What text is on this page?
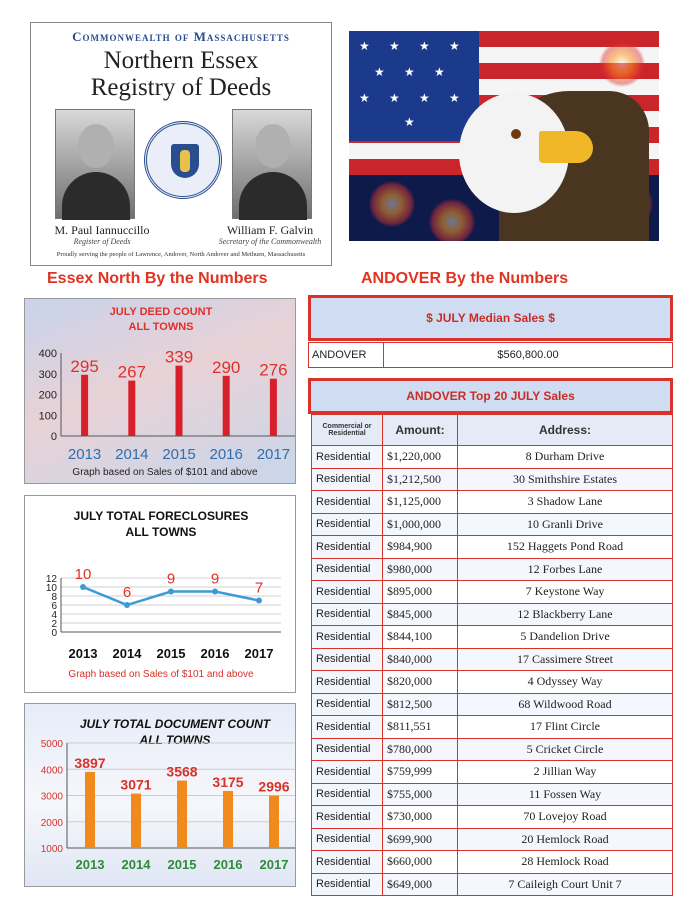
Commonwealth of Massachusetts
Northern Essex
Registry of Deeds
M. Paul Iannuccillo
Register of Deeds
William F. Galvin
Secretary of the Commonwealth
Proudly serving the people of Lawrence, Andover, North Andover and Methuen, Massachusetts
★ ★ ★ ★
★ ★ ★
★ ★ ★ ★
★
Essex North By the Numbers	ANDOVER By the Numbers
JULY DEED COUNT
ALL TOWNS
0
100
200
300
400
295 267
339
290 276
2013 2014 2015 2016 2017
Graph based on Sales of $101 and above
JULY TOTAL FORECLOSURES
ALL TOWNS
0
2
4
6
8
10
12 10
6
9 9
7
2013 2014 2015 2016 2017
Graph based on Sales of $101 and above
JULY TOTAL DOCUMENT COUNT
ALL TOWNS
1000
2000
3000
4000
5000
3897
3071
3568
3175 2996
2013 2014 2015 2016 2017
$ JULY Median Sales $
ANDOVER	$560,800.00
ANDOVER Top 20 JULY Sales
Commercial or Residential	Amount:	Address:
Residential	$1,220,000	8 Durham Drive
Residential	$1,212,500	30 Smithshire Estates
Residential	$1,125,000	3 Shadow Lane
Residential	$1,000,000	10 Granli Drive
Residential	$984,900	152 Haggets Pond Road
Residential	$980,000	12 Forbes Lane
Residential	$895,000	7 Keystone Way
Residential	$845,000	12 Blackberry Lane
Residential	$844,100	5 Dandelion Drive
Residential	$840,000	17 Cassimere Street
Residential	$820,000	4 Odyssey Way
Residential	$812,500	68 Wildwood Road
Residential	$811,551	17 Flint Circle
Residential	$780,000	5 Cricket Circle
Residential	$759,999	2 Jillian Way
Residential	$755,000	11 Fossen Way
Residential	$730,000	70 Lovejoy Road
Residential	$699,900	20 Hemlock Road
Residential	$660,000	28 Hemlock Road
Residential	$649,000	7 Caileigh Court Unit 7
